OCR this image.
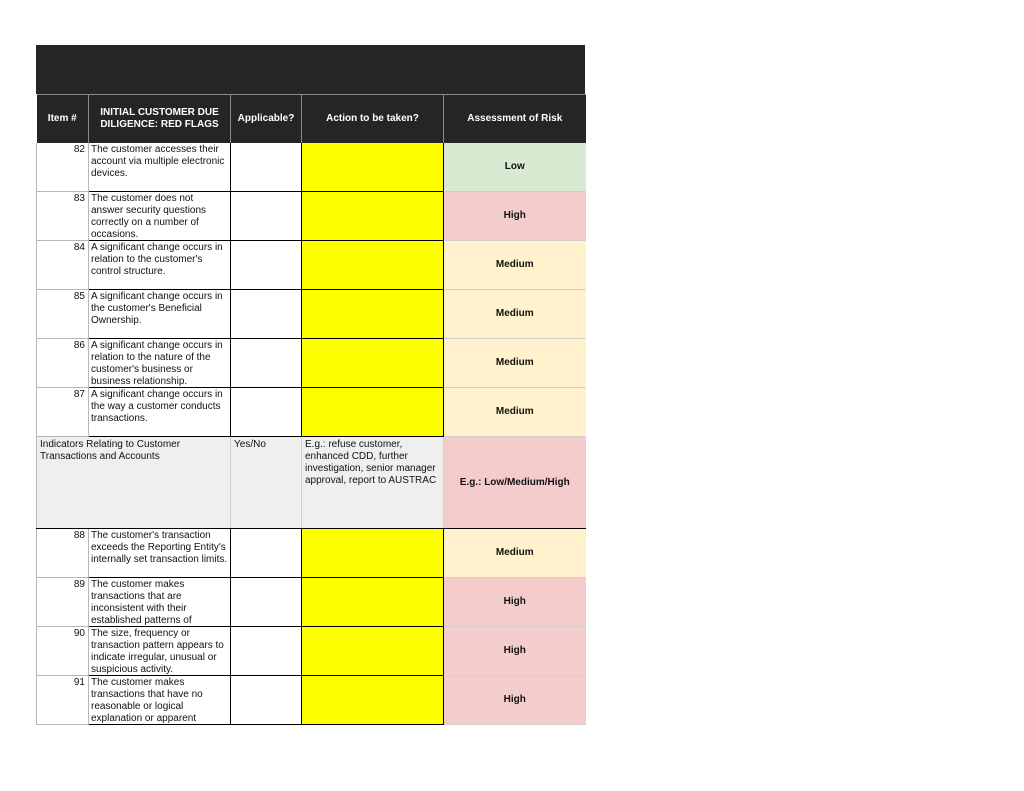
Item #	INITIAL CUSTOMER DUE DILIGENCE: RED FLAGS	Applicable?	Action to be taken?	Assessment of Risk
82	The customer accesses their account via multiple electronic devices.			Low
83	The customer does not answer security questions correctly on a number of occasions.			High
84	A significant change occurs in relation to the customer's control structure.			Medium
85	A significant change occurs in the customer's Beneficial Ownership.			Medium
86	A significant change occurs in relation to the nature of the customer's business or business relationship.			Medium
87	A significant change occurs in the way a customer conducts transactions.			Medium
Indicators Relating to Customer Transactions and Accounts		Yes/No	E.g.: refuse customer, enhanced CDD, further investigation, senior manager approval, report to AUSTRAC	E.g.: Low/Medium/High
88	The customer's transaction exceeds the Reporting Entity's internally set transaction limits.			Medium
89	The customer makes transactions that are inconsistent with their established patterns of			High
90	The size, frequency or transaction pattern appears to indicate irregular, unusual or suspicious activity.			High
91	The customer makes transactions that have no reasonable or logical explanation or apparent			High
